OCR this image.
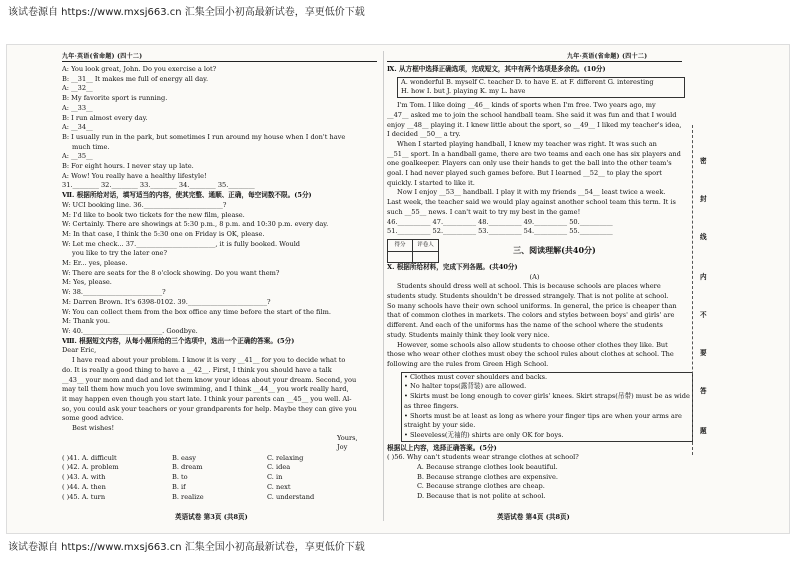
该试卷源自 https://www.mxsj663.cn 汇集全国小初高最新试卷，享更低价下载
九年·英语(省命题) (四十二)
A: You look great, John. Do you exercise a lot?
B: __31__ It makes me full of energy all day.
A: __32__
B: My favorite sport is running.
A: __33__
B: I run almost every day.
A: __34__
B: I usually run in the park, but sometimes I run around my house when I don't have
much time.
A: __35__
B: For eight hours. I never stay up late.
A: Wow! You really have a healthy lifestyle!
31.________ 32.________ 33.________ 34.________ 35.________
Ⅶ. 根据所给对话，填写适当的内容，使其完整、通顺、正确，每空词数不限。(5分)
W: UCI booking line. 36.________________________?
M: I'd like to book two tickets for the new film, please.
W: Certainly. There are showings at 5:30 p.m., 8 p.m. and 10:30 p.m. every day.
M: In that case, I think the 5:30 one on Friday is OK, please.
W: Let me check... 37.________________________, it is fully booked. Would
you like to try the later one?
M: Er... yes, please.
W: There are seats for the 8 o'clock showing. Do you want them?
M: Yes, please.
W: 38.________________________?
M: Darren Brown. It's 6398-0102. 39.________________________?
W: You can collect them from the box office any time before the start of the film.
M: Thank you.
W: 40.________________________. Goodbye.
Ⅷ. 根据短文内容，从每小题所给的三个选项中，选出一个正确的答案。(5分)
Dear Eric,
I have read about your problem. I know it is very __41__ for you to decide what to
do. It is really a good thing to have a __42__. First, I think you should have a talk
__43__ your mom and dad and let them know your ideas about your dream. Second, you
may tell them how much you love swimming, and I think __44__ you work really hard,
it may happen even though you start late. I think your parents can __45__ you well. Al-
so, you could ask your teachers or your grandparents for help. Maybe they can give you
some good advice.
Best wishes!
Yours,
Joy
( )41. A. difficult	B. easy	C. relaxing
( )42. A. problem	B. dream	C. idea
( )43. A. with	B. to	C. in
( )44. A. then	B. if	C. next
( )45. A. turn	B. realize	C. understand
英语试卷 第3页 (共8页)
九年·英语(省命题) (四十二)
Ⅸ. 从方框中选择正确选项，完成短文，其中有两个选项是多余的。(10分)
A. wonderful B. myself C. teacher D. to have E. at F. different G. interesting
H. how I. but J. playing K. my L. have
I'm Tom. I like doing __46__ kinds of sports when I'm free. Two years ago, my
__47__ asked me to join the school handball team. She said it was fun and that I would
enjoy __48__ playing it. I knew little about the sport, so __49__ I liked my teacher's idea,
I decided __50__ a try.
When I started playing handball, I knew my teacher was right. It was such an
__51__ sport. In a handball game, there are two teams and each one has six players and
one goalkeeper. Players can only use their hands to get the ball into the other team's
goal. I had never played such games before. But I learned __52__ to play the sport
quickly. I started to like it.
Now I enjoy __53__ handball. I play it with my friends __54__ least twice a week.
Last week, the teacher said we would play against another school team this term. It is
such __55__ news. I can't wait to try my best in the game!
46.__________ 47.__________ 48.__________ 49.__________ 50.__________
51.__________ 52.__________ 53.__________ 54.__________ 55.__________
得分	评卷人	三、阅读理解(共40分)
Ⅹ. 根据所给材料，完成下列各题。(共40分)
(A)
Students should dress well at school. This is because schools are places where
students study. Students shouldn't be dressed strangely. That is not polite at school.
So many schools have their own school uniforms. In general, the price is cheaper than
that of common clothes in markets. The colors and styles between boys' and girls' are
different. And each of the uniforms has the name of the school where the students
study. Students mainly think they look very nice.
However, some schools also allow students to choose other clothes they like. But
those who wear other clothes must obey the school rules about clothes at school. The
following are the rules from Green High School.
• Clothes must cover shoulders and backs.
• No halter tops(露背装) are allowed.
• Skirts must be long enough to cover girls' knees. Skirt straps(吊带) must be as wide
as three fingers.
• Shorts must be at least as long as where your finger tips are when your arms are
straight by your side.
• Sleeveless(无袖的) shirts are only OK for boys.
根据以上内容，选择正确答案。(5分)
( )56. Why can't students wear strange clothes at school?
A. Because strange clothes look beautiful.
B. Because strange clothes are expensive.
C. Because strange clothes are cheap.
D. Because that is not polite at school.
英语试卷 第4页 (共8页)
密
封
线
内
不
要
答
题
该试卷源自 https://www.mxsj663.cn 汇集全国小初高最新试卷，享更低价下载
